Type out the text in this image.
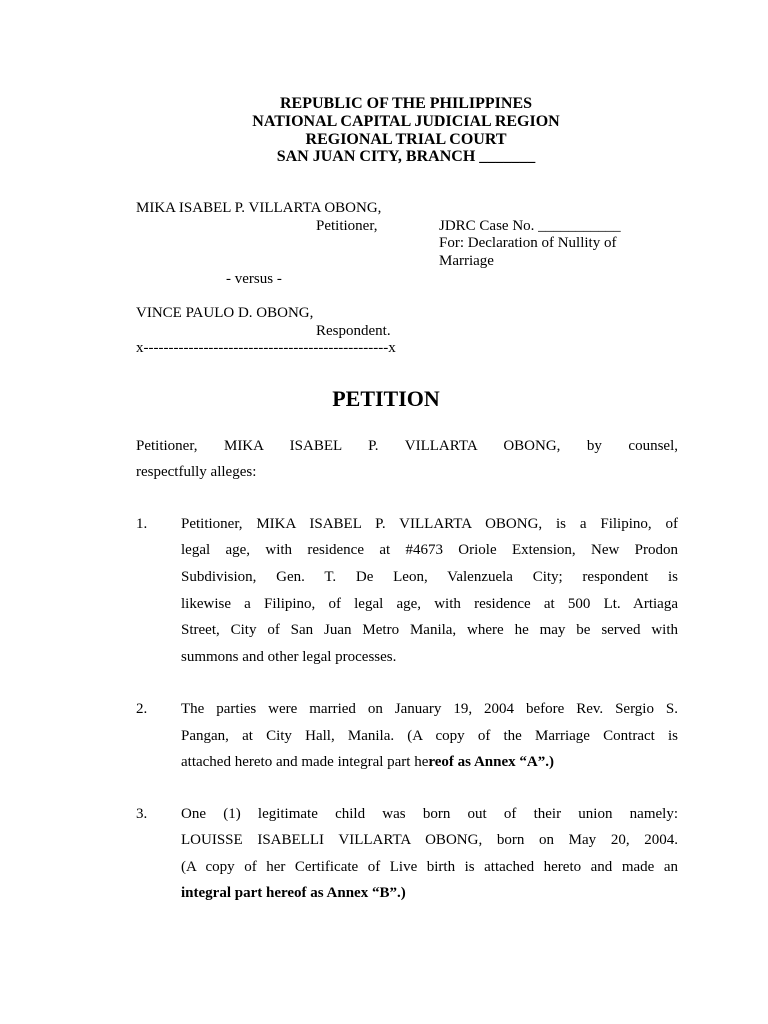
REPUBLIC OF THE PHILIPPINES
NATIONAL CAPITAL JUDICIAL REGION
REGIONAL TRIAL COURT
SAN JUAN CITY, BRANCH _______
MIKA ISABEL P. VILLARTA OBONG,
Petitioner,	JDRC Case No. ___________
For: Declaration of Nullity of
Marriage
- versus -
VINCE PAULO D. OBONG,
Respondent.
x-------------------------------------------------x
PETITION
Petitioner, MIKA ISABEL P. VILLARTA OBONG, by counsel,
respectfully alleges:
1. Petitioner, MIKA ISABEL P. VILLARTA OBONG, is a Filipino, of
legal age, with residence at #4673 Oriole Extension, New Prodon
Subdivision, Gen. T. De Leon, Valenzuela City; respondent is
likewise a Filipino, of legal age, with residence at 500 Lt. Artiaga
Street, City of San Juan Metro Manila, where he may be served with
summons and other legal processes.
2. The parties were married on January 19, 2004 before Rev. Sergio S.
Pangan, at City Hall, Manila. (A copy of the Marriage Contract is
attached hereto and made integral part hereof as Annex “A”.)
3. One (1) legitimate child was born out of their union namely:
LOUISSE ISABELLI VILLARTA OBONG, born on May 20, 2004.
(A copy of her Certificate of Live birth is attached hereto and made an
integral part hereof as Annex “B”.)
